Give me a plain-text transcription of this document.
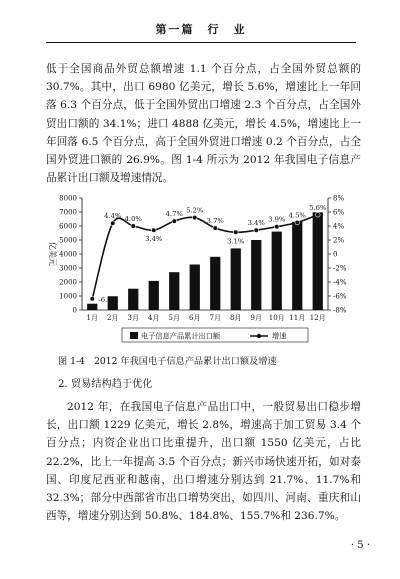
第一篇　行　业

低于全国商品外贸总额增速 1.1 个百分点，占全国外贸总额的 30.7%。其中，出口 6980 亿美元，增长 5.6%，增速比上一年回落 6.3 个百分点，低于全国外贸出口增速 2.3 个百分点，占全国外贸出口额的 34.1%；进口 4888 亿美元，增长 4.5%，增速比上一年回落 6.5 个百分点，高于全国外贸进口增速 0.2 个百分点，占全国外贸进口额的 26.9%。图 1-4 所示为 2012 年我国电子信息产品累计出口额及增速情况。

0
1000
2000
3000
4000
5000
6000
7000
8000
-8%
-6%
-4%
-2%
0
2%
4%
6%
8%
亿美元
1月 2月 3月 4月 5月 6月 7月 8月 9月 10月 11月 12月
-6.4%
4.4% 4.0%
3.4%
4.7% 5.2%
3.7%
3.1%
3.4% 3.9%
4.5%
5.6%
电子信息产品累计出口额	增速
图 1-4　2012 年我国电子信息产品累计出口额及增速
2. 贸易结构趋于优化

2012 年，在我国电子信息产品出口中，一般贸易出口稳步增长，出口额 1229 亿美元，增长 2.8%，增速高于加工贸易 3.4 个百分点；内资企业出口比重提升，出口额 1550 亿美元，占比 22.2%，比上一年提高 3.5 个百分点；新兴市场快速开拓，如对泰国、印度尼西亚和越南，出口增速分别达到 21.7%、11.7%和 32.3%；部分中西部省市出口增势突出，如四川、河南、重庆和山西等，增速分别达到 50.8%、184.8%、155.7%和 236.7%。

· 5 ·
